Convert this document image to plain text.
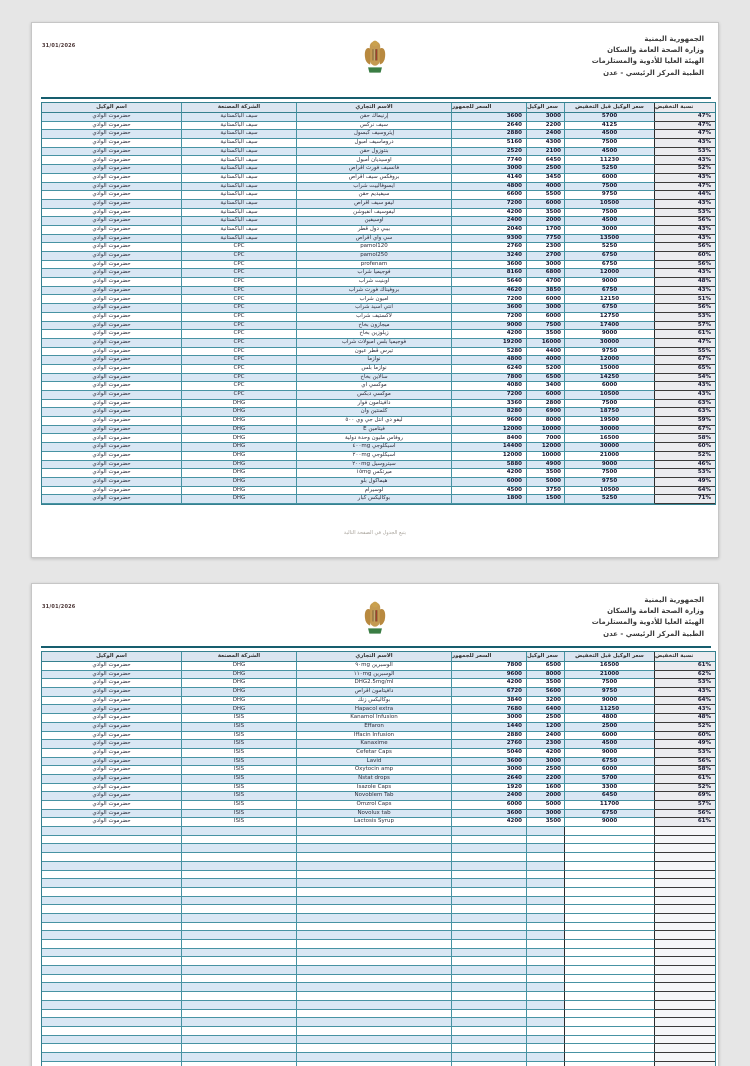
31/01/2026
الجمهورية اليمنية
وزارة الصحة العامة والسكان
الهيئة العليا للأدوية والمستلزمات
الطبية المركز الرئيسي - عدن
اسم الوكيل	الشركة المصنعة	الاسم التجاري	السعر للجمهور	سعر الوكيل	سعر الوكيل قبل التخفيض	نسبة التخفيض
حضرموت الوادي	سيف الباكستانية	إرنيماك حقن	3600	3000	5700	47%
حضرموت الوادي	سيف الباكستانية	سيف نركس	2640	2200	4125	47%
حضرموت الوادي	سيف الباكستانية	إيثروسيف كبسول	2880	2400	4500	47%
حضرموت الوادي	سيف الباكستانية	دروماسيف أمبول	5160	4300	7500	43%
حضرموت الوادي	سيف الباكستانية	بنتوزول حقن	2520	2100	4500	53%
حضرموت الوادي	سيف الباكستانية	اوسيديان أمبول	7740	6450	11230	43%
حضرموت الوادي	سيف الباكستانية	فانسيف فورت أقراص	3000	2500	5250	52%
حضرموت الوادي	سيف الباكستانية	بروفكس سيف أقراص	4140	3450	6000	43%
حضرموت الوادي	سيف الباكستانية	ايسوفالييت شراب	4800	4000	7500	47%
حضرموت الوادي	سيف الباكستانية	سيفيديم حقن	6600	5500	9750	44%
حضرموت الوادي	سيف الباكستانية	ليفو سيف أقراص	7200	6000	10500	43%
حضرموت الوادي	سيف الباكستانية	ليفوسيف انفيوشن	4200	3500	7500	53%
حضرموت الوادي	سيف الباكستانية	اوسيفين	2400	2000	4500	56%
حضرموت الوادي	سيف الباكستانية	بيبي دول قطر	2040	1700	3000	43%
حضرموت الوادي	سيف الباكستانية	سي واي أقراص	9300	7750	13500	43%
حضرموت الوادي	CPC	pamol120	2760	2300	5250	56%
حضرموت الوادي	CPC	pamol250	3240	2700	6750	60%
حضرموت الوادي	CPC	profenam	3600	3000	6750	56%
حضرموت الوادي	CPC	فوجيميا شراب	8160	6800	12000	43%
حضرموت الوادي	CPC	اوبنيت شراب	5640	4700	9000	48%
حضرموت الوادي	CPC	بروفيناك فورت شراب	4620	3850	6750	43%
حضرموت الوادي	CPC	اميون شراب	7200	6000	12150	51%
حضرموت الوادي	CPC	انتي اسيد شراب	3600	3000	6750	56%
حضرموت الوادي	CPC	لاكستيف شراب	7200	6000	12750	53%
حضرموت الوادي	CPC	ميجازون بخاخ	9000	7500	17400	57%
حضرموت الوادي	CPC	زيلوزين بخاخ	4200	3500	9000	61%
حضرموت الوادي	CPC	فوجيميا بلس امبولات شراب	19200	16000	30000	47%
حضرموت الوادي	CPC	تيرس قطر عيون	5280	4400	9750	55%
حضرموت الوادي	CPC	نوازما	4800	4000	12000	67%
حضرموت الوادي	CPC	نوازما بلس	6240	5200	15000	65%
حضرموت الوادي	CPC	سالاين بخاخ	7800	6500	14250	54%
حضرموت الوادي	CPC	موكسي أي	4080	3400	6000	43%
حضرموت الوادي	CPC	موكسي دبكس	7200	6000	10500	43%
حضرموت الوادي	DHG	دافيتامون فوار	3360	2800	7500	63%
حضرموت الوادي	DHG	كلمنتين وان	8280	6900	18750	63%
حضرموت الوادي	DHG	ليفو دي انتل جي وي ٥٠٠	9600	8000	19500	59%
حضرموت الوادي	DHG	فيتامين E	12000	10000	30000	67%
حضرموت الوادي	DHG	روفاس مليون وحدة دولية	8400	7000	16500	58%
حضرموت الوادي	DHG	اسيكلوجي ٤٠٠mg	14400	12000	30000	60%
حضرموت الوادي	DHG	اسيكلوجي ٢٠٠mg	12000	10000	21000	52%
حضرموت الوادي	DHG	سيتروسيل ٢٠٠mg	5880	4900	9000	46%
حضرموت الوادي	DHG	ميرتكس ١٥mg	4200	3500	7500	53%
حضرموت الوادي	DHG	هيماكول بلو	6000	5000	9750	49%
حضرموت الوادي	DHG	لوسيرام	4500	3750	10500	64%
حضرموت الوادي	DHG	بوكاليكس كبار	1800	1500	5250	71%
يتبع الجدول في الصفحة التالية
31/01/2026
الجمهورية اليمنية
وزارة الصحة العامة والسكان
الهيئة العليا للأدوية والمستلزمات
الطبية المركز الرئيسي - عدن
اسم الوكيل	الشركة المصنعة	الاسم التجاري	السعر للجمهور	سعر الوكيل	سعر الوكيل قبل التخفيض	نسبة التخفيض
حضرموت الوادي	DHG	الوسبرين ٩٠mg	7800	6500	16500	61%
حضرموت الوادي	DHG	الوسبرين ١١٠mg	9600	8000	21000	62%
حضرموت الوادي	DHG	DHG2.5mg/ml	4200	3500	7500	53%
حضرموت الوادي	DHG	دافيتامون أقراص	6720	5600	9750	43%
حضرموت الوادي	DHG	بوكاليكس زنك	3840	3200	9000	64%
حضرموت الوادي	DHG	Hapacol extra	7680	6400	11250	43%
حضرموت الوادي	ISIS	Kanamol Infusion	3000	2500	4800	48%
حضرموت الوادي	ISIS	Effaron	1440	1200	2500	52%
حضرموت الوادي	ISIS	Iffacin Infusion	2880	2400	6000	60%
حضرموت الوادي	ISIS	Kanaxime	2760	2300	4500	49%
حضرموت الوادي	ISIS	Cefetar Caps	5040	4200	9000	53%
حضرموت الوادي	ISIS	Lavid	3600	3000	6750	56%
حضرموت الوادي	ISIS	Oxytocin amp	3000	2500	6000	58%
حضرموت الوادي	ISIS	Nstat drops	2640	2200	5700	61%
حضرموت الوادي	ISIS	Isazole Caps	1920	1600	3300	52%
حضرموت الوادي	ISIS	Novoblem Tab	2400	2000	6450	69%
حضرموت الوادي	ISIS	Omzrol Caps	6000	5000	11700	57%
حضرموت الوادي	ISIS	Novolux tab	3600	3000	6750	56%
حضرموت الوادي	ISIS	Lactosis Syrup	4200	3500	9000	61%
